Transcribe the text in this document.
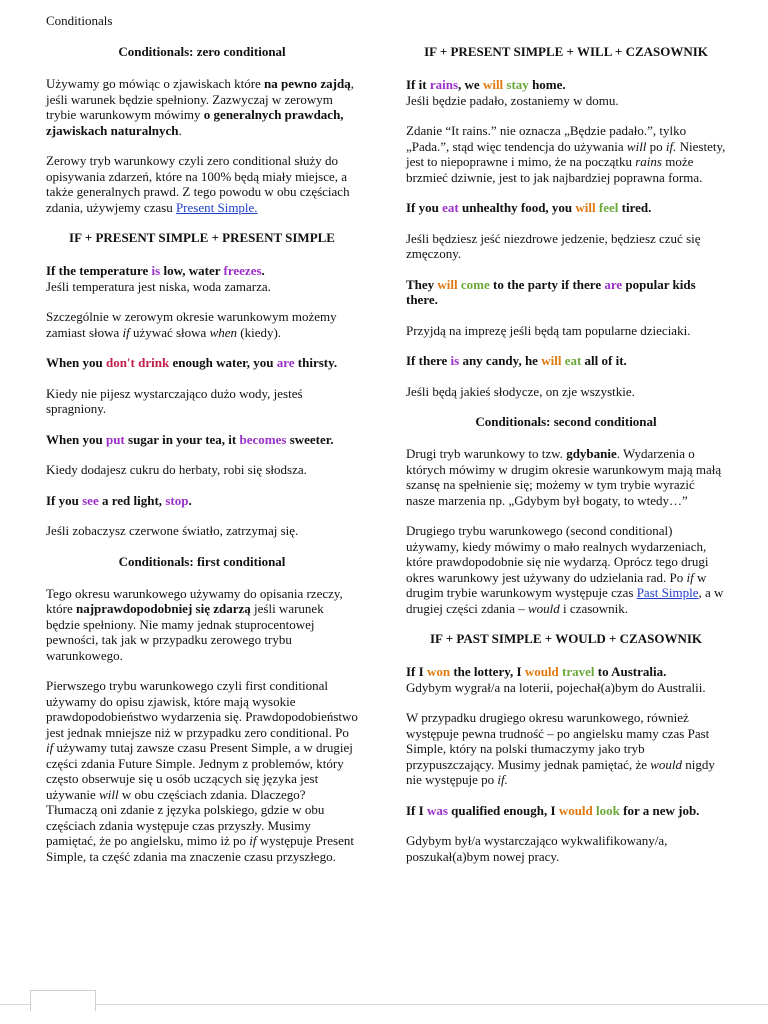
Conditionals
Conditionals: zero conditional

Używamy go mówiąc o zjawiskach które na pewno zajdą, jeśli warunek będzie spełniony. Zazwyczaj w zerowym trybie warunkowym mówimy o generalnych prawdach, zjawiskach naturalnych.

Zerowy tryb warunkowy czyli zero conditional służy do opisywania zdarzeń, które na 100% będą miały miejsce, a także generalnych prawd. Z tego powodu w obu częściach zdania, używjemy czasu Present Simple.

IF + PRESENT SIMPLE + PRESENT SIMPLE

If the temperature is low, water freezes.
Jeśli temperatura jest niska, woda zamarza.

Szczególnie w zerowym okresie warunkowym możemy zamiast słowa if używać słowa when (kiedy).

When you don't drink enough water, you are thirsty.

Kiedy nie pijesz wystarczająco dużo wody, jesteś spragniony.

When you put sugar in your tea, it becomes sweeter.

Kiedy dodajesz cukru do herbaty, robi się słodsza.

If you see a red light, stop.

Jeśli zobaczysz czerwone światło, zatrzymaj się.

Conditionals: first conditional

Tego okresu warunkowego używamy do opisania rzeczy, które najprawdopodobniej się zdarzą jeśli warunek będzie spełniony. Nie mamy jednak stuprocentowej pewności, tak jak w przypadku zerowego trybu warunkowego.

Pierwszego trybu warunkowego czyli first conditional używamy do opisu zjawisk, które mają wysokie prawdopodobieństwo wydarzenia się. Prawdopodobieństwo jest jednak mniejsze niż w przypadku zero conditional. Po if używamy tutaj zawsze czasu Present Simple, a w drugiej części zdania Future Simple. Jednym z problemów, który często obserwuje się u osób uczących się języka jest używanie will w obu częściach zdania. Dlaczego? Tłumaczą oni zdanie z języka polskiego, gdzie w obu częściach zdania występuje czas przyszły. Musimy pamiętać, że po angielsku, mimo iż po if występuje Present Simple, ta część zdania ma znaczenie czasu przyszłego.

IF + PRESENT SIMPLE + WILL + CZASOWNIK

If it rains, we will stay home.
Jeśli będzie padało, zostaniemy w domu.

Zdanie “It rains.” nie oznacza „Będzie padało.”, tylko „Pada.”, stąd więc tendencja do używania will po if. Niestety, jest to niepoprawne i mimo, że na początku rains może brzmieć dziwnie, jest to jak najbardziej poprawna forma.

If you eat unhealthy food, you will feel tired.

Jeśli będziesz jeść niezdrowe jedzenie, będziesz czuć się zmęczony.

They will come to the party if there are popular kids there.

Przyjdą na imprezę jeśli będą tam popularne dzieciaki.

If there is any candy, he will eat all of it.

Jeśli będą jakieś słodycze, on zje wszystkie.

Conditionals: second conditional

Drugi tryb warunkowy to tzw. gdybanie. Wydarzenia o których mówimy w drugim okresie warunkowym mają małą szansę na spełnienie się; możemy w tym trybie wyrazić nasze marzenia np. „Gdybym był bogaty, to wtedy…”

Drugiego trybu warunkowego (second conditional) używamy, kiedy mówimy o mało realnych wydarzeniach, które prawdopodobnie się nie wydarzą. Oprócz tego drugi okres warunkowy jest używany do udzielania rad. Po if w drugim trybie warunkowym występuje czas Past Simple, a w drugiej części zdania – would i czasownik.

IF + PAST SIMPLE + WOULD + CZASOWNIK

If I won the lottery, I would travel to Australia.
Gdybym wygrał/a na loterii, pojechał(a)bym do Australii.

W przypadku drugiego okresu warunkowego, również występuje pewna trudność – po angielsku mamy czas Past Simple, który na polski tłumaczymy jako tryb przypuszczający. Musimy jednak pamiętać, że would nigdy nie występuje po if.

If I was qualified enough, I would look for a new job.

Gdybym był/a wystarczająco wykwalifikowany/a, poszukał(a)bym nowej pracy.
